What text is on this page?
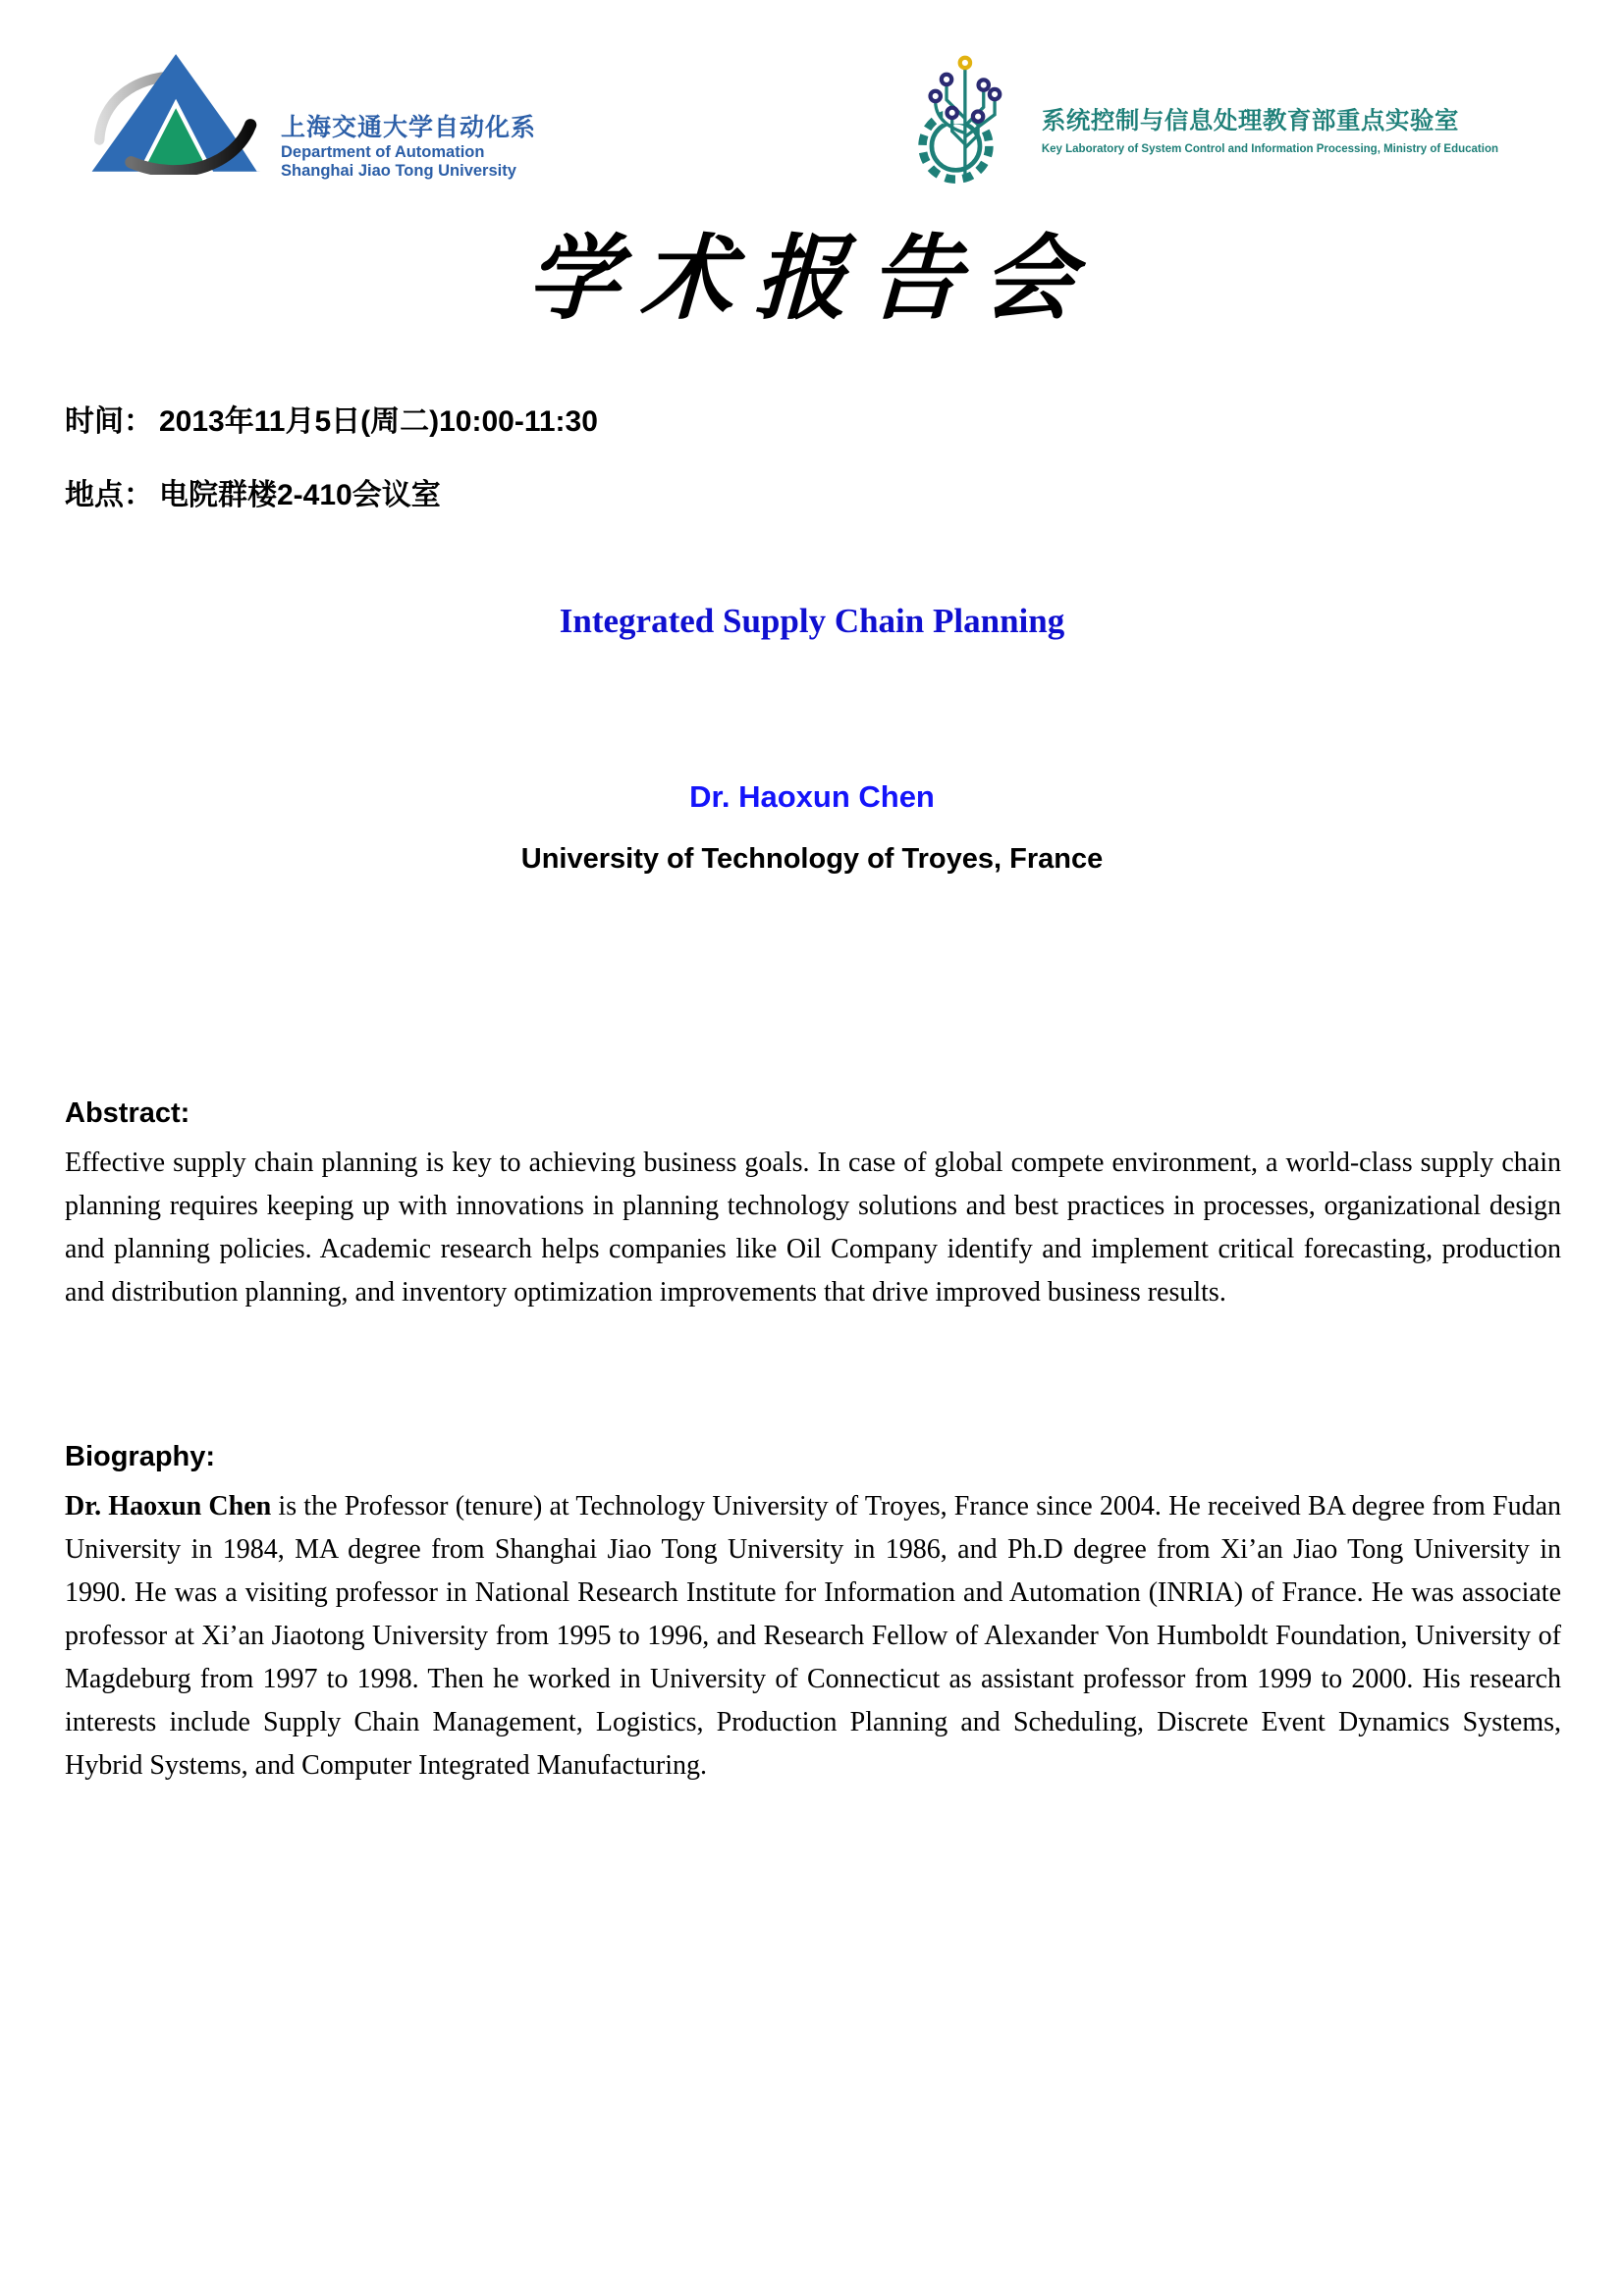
上海交通大学自动化系
Department of Automation
Shanghai Jiao Tong University
系统控制与信息处理教育部重点实验室
Key Laboratory of System Control and Information Processing, Ministry of Education
学术报告会
时间： 2013年11月5日(周二)10:00-11:30
地点： 电院群楼2-410会议室
Integrated Supply Chain Planning
Dr. Haoxun Chen
University of Technology of Troyes, France
Abstract:

Effective supply chain planning is key to achieving business goals. In case of global compete environment, a world-class supply chain planning requires keeping up with innovations in planning technology solutions and best practices in processes, organizational design and planning policies. Academic research helps companies like Oil Company identify and implement critical forecasting, production and distribution planning, and inventory optimization improvements that drive improved business results.

Biography:

Dr. Haoxun Chen is the Professor (tenure) at Technology University of Troyes, France since 2004. He received BA degree from Fudan University in 1984, MA degree from Shanghai Jiao Tong University in 1986, and Ph.D degree from Xi’an Jiao Tong University in 1990. He was a visiting professor in National Research Institute for Information and Automation (INRIA) of France. He was associate professor at Xi’an Jiaotong University from 1995 to 1996, and Research Fellow of Alexander Von Humboldt Foundation, University of Magdeburg from 1997 to 1998. Then he worked in University of Connecticut as assistant professor from 1999 to 2000. His research interests include Supply Chain Management, Logistics, Production Planning and Scheduling, Discrete Event Dynamics Systems, Hybrid Systems, and Computer Integrated Manufacturing.
